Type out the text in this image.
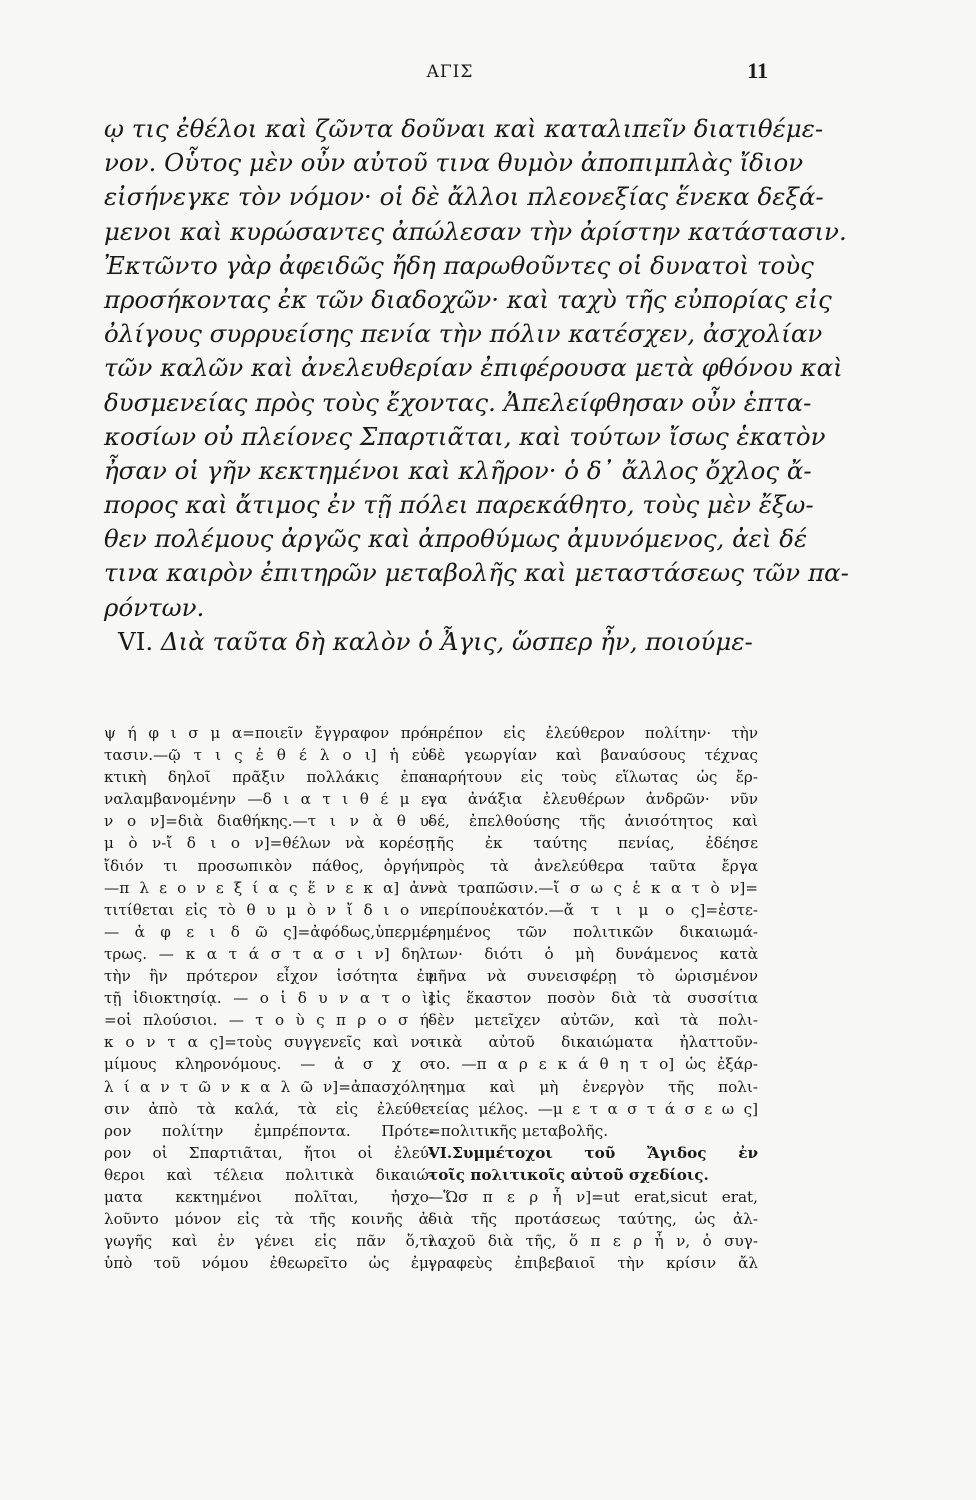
ΑΓΙΣ	11
ῳ τις ἐθέλοι καὶ ζῶντα δοῦναι καὶ καταλιπεῖν διατιθέμε-
νον. Οὗτος μὲν οὖν αὐτοῦ τινα θυμὸν ἀποπιμπλὰς ἴδιον
εἰσήνεγκε τὸν νόμον· οἱ δὲ ἄλλοι πλεονεξίας ἕνεκα δεξά-
μενοι καὶ κυρώσαντες ἀπώλεσαν τὴν ἀρίστην κατάστασιν.
Ἐκτῶντο γὰρ ἀφειδῶς ἤδη παρωθοῦντες οἱ δυνατοὶ τοὺς
προσήκοντας ἐκ τῶν διαδοχῶν· καὶ ταχὺ τῆς εὐπορίας εἰς
ὀλίγους συρρυείσης πενία τὴν πόλιν κατέσχεν, ἀσχολίαν
τῶν καλῶν καὶ ἀνελευθερίαν ἐπιφέρουσα μετὰ φθόνου καὶ
δυσμενείας πρὸς τοὺς ἔχοντας. Ἀπελείφθησαν οὖν ἑπτα-
κοσίων οὐ πλείονες Σπαρτιᾶται, καὶ τούτων ἴσως ἑκατὸν
ἦσαν οἱ γῆν κεκτημένοι καὶ κλῆρον· ὁ δ᾽ ἄλλος ὄχλος ἄ-
πορος καὶ ἄτιμος ἐν τῇ πόλει παρεκάθητο, τοὺς μὲν ἔξω-
θεν πολέμους ἀργῶς καὶ ἀπροθύμως ἀμυνόμενος, ἀεὶ δέ
τινα καιρὸν ἐπιτηρῶν μεταβολῆς καὶ μεταστάσεως τῶν πα-
ρόντων.
VI. Διὰ ταῦτα δὴ καλὸν ὁ Ἆγις, ὥσπερ ἦν, ποιούμε-
ψ ή φ ι σ μ α=ποιεῖν ἔγγραφον πρό-
τασιν.—ῷ τ ι ς ἐ θ έ λ ο ι] ἡ εὐ-
κτικὴ δηλοῖ πρᾶξιν πολλάκις ἐπα-
ναλαμβανομένην —δ ι α τ ι θ έ μ ε-
ν ο ν]=διὰ διαθήκης.—τ ι ν ὰ θ υ-
μ ὸ ν-ἴ δ ι ο ν]=θέλων νὰ κορέσῃ
ἴδιόν τι προσωπικὸν πάθος, ὀργήν.
—π λ ε ο ν ε ξ ί α ς ἕ ν ε κ α] ἀν-
τιτίθεται εἰς τὸ θ υ μ ὸ ν ἴ δ ι ο ν.
— ἀ φ ε ι δ ῶ ς]=ἀφόδως,ὑπερμέ-
τρως. — κ α τ ά σ τ α σ ι ν] δηλ.
τὴν ἣν πρότερον εἶχον ἰσότητα ἐν
τῇ ἰδιοκτησίᾳ. — ο ἱ δ υ ν α τ ο ὶ]
=οἱ πλούσιοι. — τ ο ὺ ς π ρ ο σ ή-
κ ο ν τ α ς]=τοὺς συγγενεῖς καὶ νο-
μίμους κληρονόμους. — ἀ σ χ ο-
λ ί α ν τ ῶ ν κ α λ ῶ ν]=ἀπασχόλη-
σιν ἀπὸ τὰ καλά, τὰ εἰς ἐλεύθε-
ρον πολίτην ἐμπρέποντα. Πρότε-
ρον οἱ Σπαρτιᾶται, ἤτοι οἱ ἐλεύ-
θεροι καὶ τέλεια πολιτικὰ δικαιώ-
ματα κεκτημένοι πολῖται, ἠσχο-
λοῦντο μόνον εἰς τὰ τῆς κοινῆς ἀ-
γωγῆς καὶ ἐν γένει εἰς πᾶν ὅ,τι
ὑπὸ τοῦ νόμου ἐθεωρεῖτο ὡς ἐμ-
πρέπον εἰς ἐλεύθερον πολίτην· τὴν
δὲ γεωργίαν καὶ βαναύσους τέχνας
παρήτουν εἰς τοὺς εἵλωτας ὡς ἔρ-
γα ἀνάξια ἐλευθέρων ἀνδρῶν· νῦν
δέ, ἐπελθούσης τῆς ἀνισότητος καὶ
τῆς ἐκ ταύτης πενίας, ἐδέησε
πρὸς τὰ ἀνελεύθερα ταῦτα ἔργα
νὰ τραπῶσιν.—ἴ σ ω ς ἑ κ α τ ὸ ν]=
περίπουἑκατόν.—ἄ τ ι μ ο ς]=ἐστε-
ρημένος τῶν πολιτικῶν δικαιωμά-
των· διότι ὁ μὴ δυνάμενος κατὰ
μῆνα νὰ συνεισφέρῃ τὸ ὡρισμένον
εἰς ἕκαστον ποσὸν διὰ τὰ συσσίτια
δὲν μετεῖχεν αὐτῶν, καὶ τὰ πολι-
τικὰ αὐτοῦ δικαιώματα ἠλαττοῦν-
το. —π α ρ ε κ ά θ η τ ο] ὡς ἐξάρ-
τημα καὶ μὴ ἐνεργὸν τῆς πολι-
τείας μέλος. —μ ε τ α σ τ ά σ ε ω ς]
=πολιτικῆς μεταβολῆς.
VI.Συμμέτοχοι τοῦ Ἄγιδος ἐν
τοῖς πολιτικοῖς αὐτοῦ σχεδίοις.
—Ὥσ π ε ρ ἦ ν]=ut erat,sicut erat,
διὰ τῆς προτάσεως ταύτης, ὡς ἀλ-
λαχοῦ διὰ τῆς, ὅ π ε ρ ἦ ν, ὁ συγ-
γραφεὺς ἐπιβεβαιοῖ τὴν κρίσιν ἄλ
